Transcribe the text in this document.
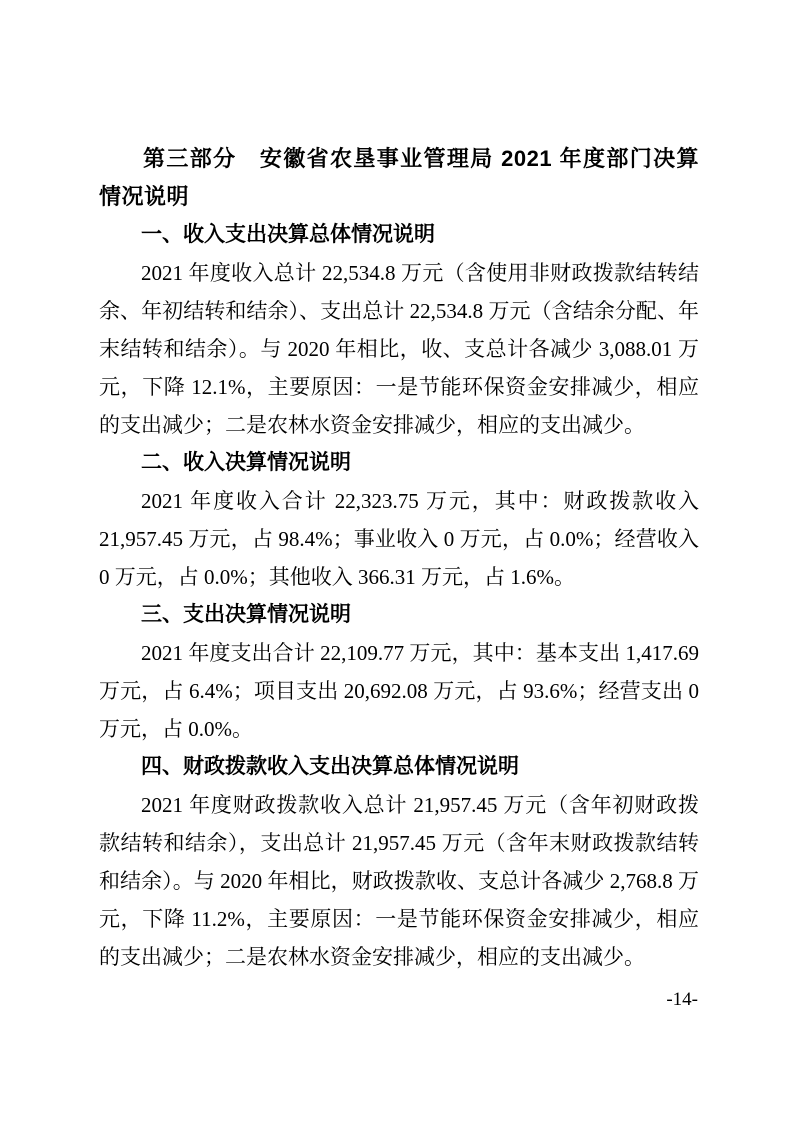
第三部分　安徽省农垦事业管理局 2021 年度部门决算情况说明

一、收入支出决算总体情况说明

2021 年度收入总计 22,534.8 万元（含使用非财政拨款结转结余、年初结转和结余）、支出总计 22,534.8 万元（含结余分配、年末结转和结余）。与 2020 年相比，收、支总计各减少 3,088.01 万元，下降 12.1%，主要原因：一是节能环保资金安排减少，相应的支出减少；二是农林水资金安排减少，相应的支出减少。

二、收入决算情况说明

2021 年度收入合计 22,323.75 万元，其中：财政拨款收入 21,957.45 万元，占 98.4%；事业收入 0 万元，占 0.0%；经营收入 0 万元，占 0.0%；其他收入 366.31 万元，占 1.6%。

三、支出决算情况说明

2021 年度支出合计 22,109.77 万元，其中：基本支出 1,417.69 万元，占 6.4%；项目支出 20,692.08 万元，占 93.6%；经营支出 0 万元，占 0.0%。

四、财政拨款收入支出决算总体情况说明

2021 年度财政拨款收入总计 21,957.45 万元（含年初财政拨款结转和结余），支出总计 21,957.45 万元（含年末财政拨款结转和结余）。与 2020 年相比，财政拨款收、支总计各减少 2,768.8 万元，下降 11.2%，主要原因：一是节能环保资金安排减少，相应的支出减少；二是农林水资金安排减少，相应的支出减少。

-14-
